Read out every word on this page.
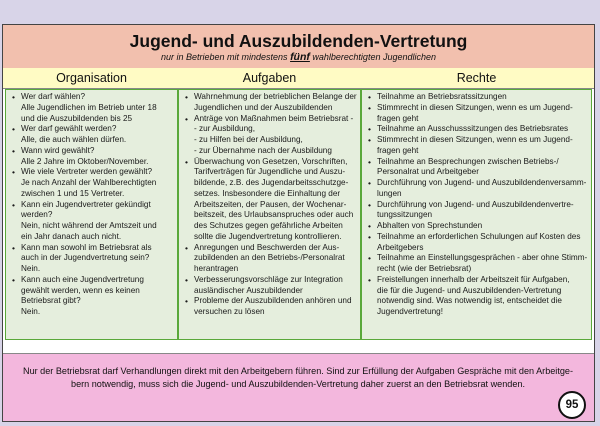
Jugend- und Auszubildenden-Vertretung
nur in Betrieben mit mindestens fünf wahlberechtigten Jugendlichen
Organisation	Aufgaben	Rechte
• Wer darf wählen?
Alle Jugendlichen im Betrieb unter 18
und die Auszubildenden bis 25
• Wer darf gewählt werden?
Alle, die auch wählen dürfen.
• Wann wird gewählt?
Alle 2 Jahre im Oktober/November.
• Wie viele Vertreter werden gewählt?
Je nach Anzahl der Wahlberechtigten
zwischen 1 und 15 Vertreter.
• Kann ein Jugendvertreter gekündigt
werden?
Nein, nicht während der Amtszeit und
ein Jahr danach auch nicht.
• Kann man sowohl im Betriebsrat als
auch in der Jugendvertretung sein?
Nein.
• Kann auch eine Jugendvertretung
gewählt werden, wenn es keinen
Betriebsrat gibt?
Nein.
• Wahrnehmung der betrieblichen Belange der
Jugendlichen und der Auszubildenden
• Anträge von Maßnahmen beim Betriebsrat -
- zur Ausbildung,
- zu Hilfen bei der Ausbildung,
- zur Übernahme nach der Ausbildung
• Überwachung von Gesetzen, Vorschriften,
Tarifverträgen für Jugendliche und Auszu-
bildende, z.B. des Jugendarbeitsschutzge-
setzes. Insbesondere die Einhaltung der
Arbeitszeiten, der Pausen, der Wochenar-
beitszeit, des Urlaubsanspruches oder auch
des Schutzes gegen gefährliche Arbeiten
sollte die Jugendvertretung kontrollieren.
• Anregungen und Beschwerden der Aus-
zubildenden an den Betriebs-/Personalrat
herantragen
• Verbesserungsvorschläge zur Integration
ausländischer Auszubildender
• Probleme der Auszubildenden anhören und
versuchen zu lösen
• Teilnahme an Betriebsratssitzungen
• Stimmrecht in diesen Sitzungen, wenn es um Jugend-
fragen geht
• Teilnahme an Ausschusssitzungen des Betriebsrates
• Stimmrecht in diesen Sitzungen, wenn es um Jugend-
fragen geht
• Teilnahme an Besprechungen zwischen Betriebs-/
Personalrat und Arbeitgeber
• Durchführung von Jugend- und Auszubildendenversamm-
lungen
• Durchführung von Jugend- und Auszubildendenvertre-
tungssitzungen
• Abhalten von Sprechstunden
• Teilnahme an erforderlichen Schulungen auf Kosten des
Arbeitgebers
• Teilnahme an Einstellungsgesprächen - aber ohne Stimm-
recht (wie der Betriebsrat)
• Freistellungen innerhalb der Arbeitszeit für Aufgaben,
die für die Jugend- und Auszubildenden-Vertretung
notwendig sind. Was notwendig ist, entscheidet die
Jugendvertretung!
Nur der Betriebsrat darf Verhandlungen direkt mit den Arbeitgebern führen. Sind zur Erfüllung der Aufgaben Gespräche mit den Arbeitge-
bern notwendig, muss sich die Jugend- und Auszubildenden-Vertretung daher zuerst an den Betriebsrat wenden.
95
